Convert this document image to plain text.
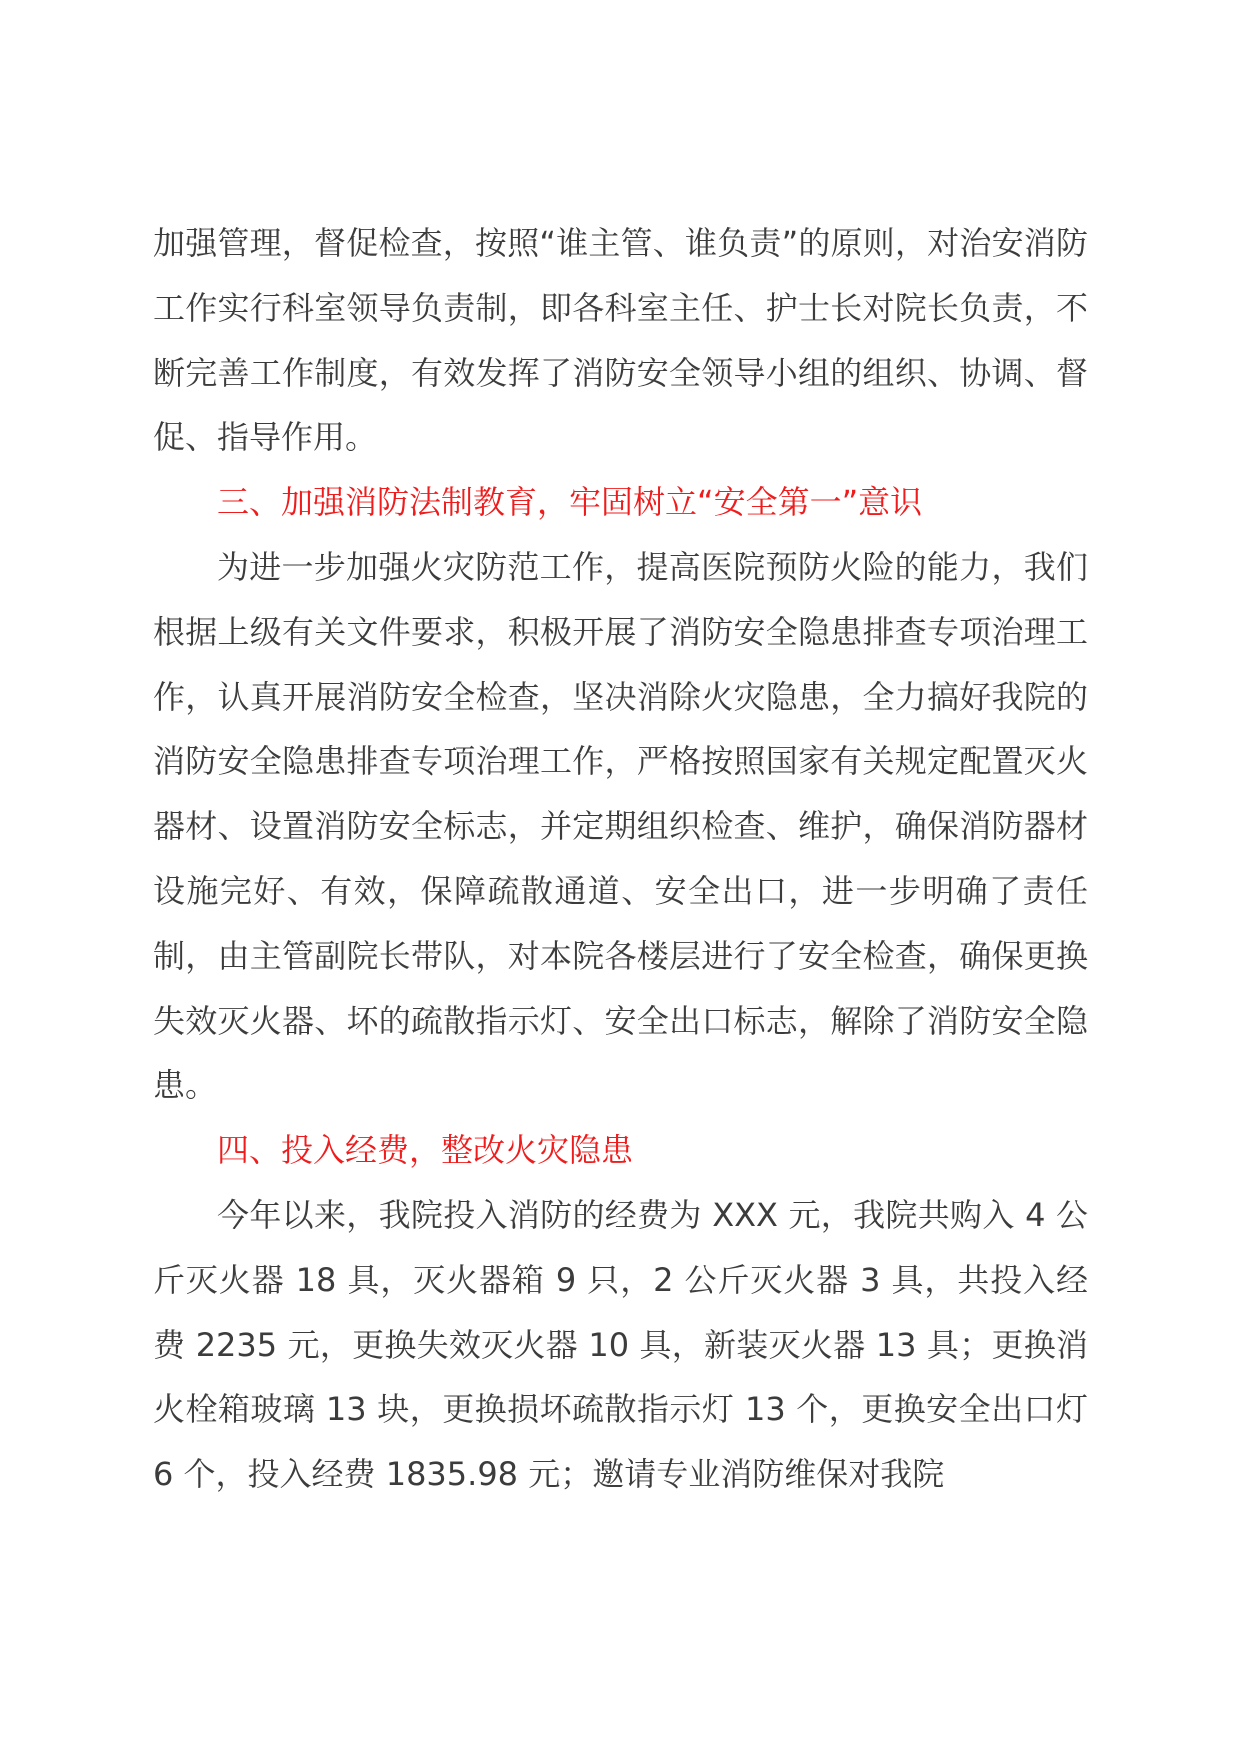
加强管理，督促检查，按照“谁主管、谁负责”的原则，对治安消防工作实行科室领导负责制，即各科室主任、护士长对院长负责，不断完善工作制度，有效发挥了消防安全领导小组的组织、协调、督促、指导作用。

三、加强消防法制教育，牢固树立“安全第一”意识

为进一步加强火灾防范工作，提高医院预防火险的能力，我们根据上级有关文件要求，积极开展了消防安全隐患排查专项治理工作，认真开展消防安全检查，坚决消除火灾隐患，全力搞好我院的消防安全隐患排查专项治理工作，严格按照国家有关规定配置灭火器材、设置消防安全标志，并定期组织检查、维护，确保消防器材设施完好、有效，保障疏散通道、安全出口，进一步明确了责任制，由主管副院长带队，对本院各楼层进行了安全检查，确保更换失效灭火器、坏的疏散指示灯、安全出口标志，解除了消防安全隐患。

四、投入经费，整改火灾隐患

今年以来，我院投入消防的经费为 XXX 元，我院共购入 4 公斤灭火器 18 具，灭火器箱 9 只，2 公斤灭火器 3 具，共投入经费 2235 元，更换失效灭火器 10 具，新装灭火器 13 具；更换消火栓箱玻璃 13 块，更换损坏疏散指示灯 13 个，更换安全出口灯 6 个，投入经费 1835.98 元；邀请专业消防维保对我院
